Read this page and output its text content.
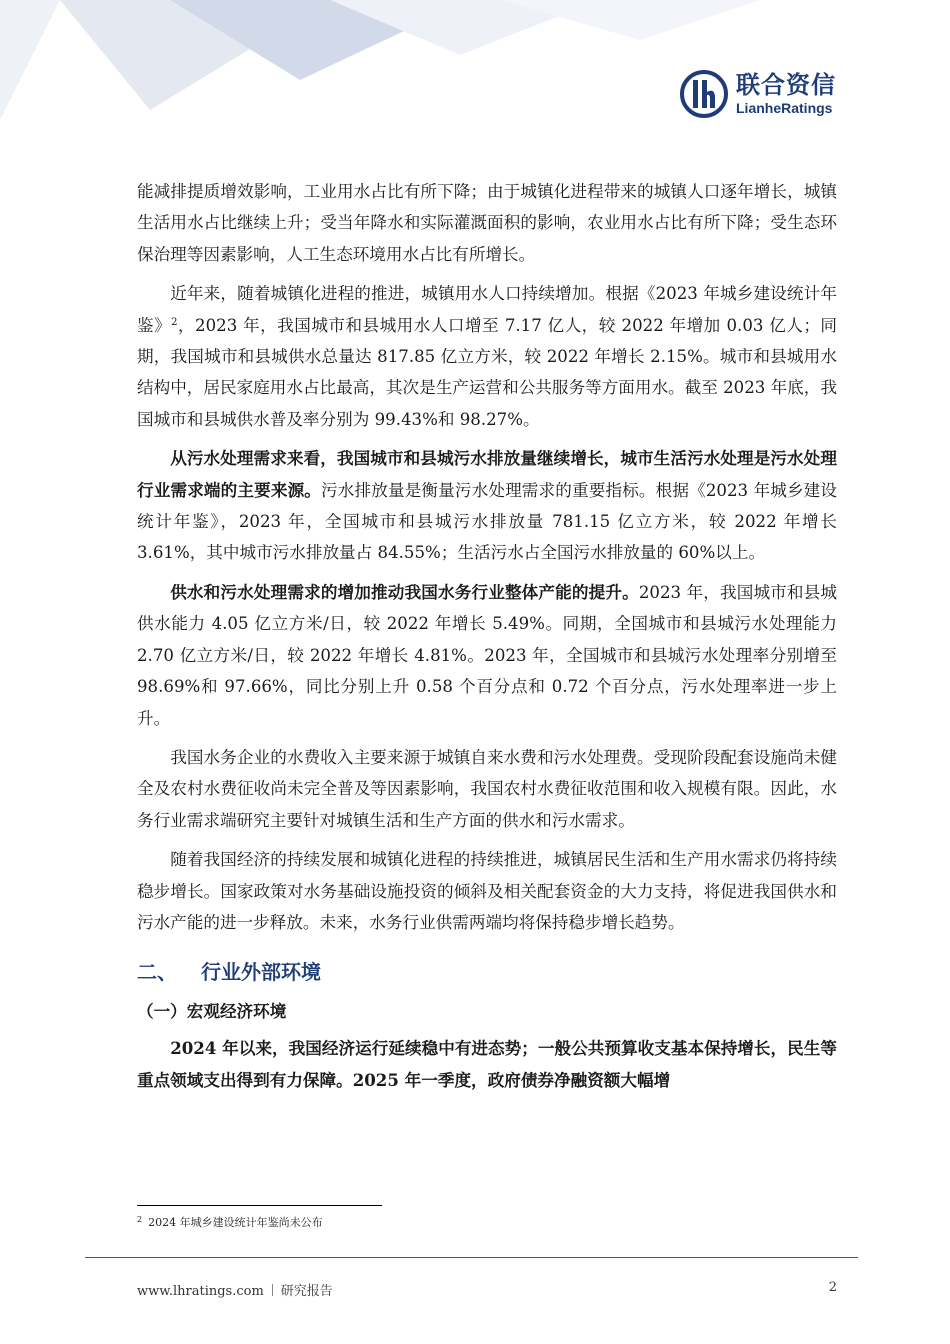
联合资信
LianheRatings

能减排提质增效影响，工业用水占比有所下降；由于城镇化进程带来的城镇人口逐年增长，城镇生活用水占比继续上升；受当年降水和实际灌溉面积的影响，农业用水占比有所下降；受生态环保治理等因素影响，人工生态环境用水占比有所增长。

近年来，随着城镇化进程的推进，城镇用水人口持续增加。根据《2023 年城乡建设统计年鉴》$^2$，2023 年，我国城市和县城用水人口增至 7.17 亿人，较 2022 年增加 0.03 亿人；同期，我国城市和县城供水总量达 817.85 亿立方米，较 2022 年增长 2.15%。城市和县城用水结构中，居民家庭用水占比最高，其次是生产运营和公共服务等方面用水。截至 2023 年底，我国城市和县城供水普及率分别为 99.43%和 98.27%。

从污水处理需求来看，我国城市和县城污水排放量继续增长，城市生活污水处理是污水处理行业需求端的主要来源。污水排放量是衡量污水处理需求的重要指标。根据《2023 年城乡建设统计年鉴》，2023 年，全国城市和县城污水排放量 781.15 亿立方米，较 2022 年增长 3.61%，其中城市污水排放量占 84.55%；生活污水占全国污水排放量的 60%以上。

供水和污水处理需求的增加推动我国水务行业整体产能的提升。2023 年，我国城市和县城供水能力 4.05 亿立方米/日，较 2022 年增长 5.49%。同期，全国城市和县城污水处理能力 2.70 亿立方米/日，较 2022 年增长 4.81%。2023 年，全国城市和县城污水处理率分别增至 98.69%和 97.66%，同比分别上升 0.58 个百分点和 0.72 个百分点，污水处理率进一步上升。

我国水务企业的水费收入主要来源于城镇自来水费和污水处理费。受现阶段配套设施尚未健全及农村水费征收尚未完全普及等因素影响，我国农村水费征收范围和收入规模有限。因此，水务行业需求端研究主要针对城镇生活和生产方面的供水和污水需求。

随着我国经济的持续发展和城镇化进程的持续推进，城镇居民生活和生产用水需求仍将持续稳步增长。国家政策对水务基础设施投资的倾斜及相关配套资金的大力支持，将促进我国供水和污水产能的进一步释放。未来，水务行业供需两端均将保持稳步增长趋势。

二、 行业外部环境
（一）宏观经济环境

2024 年以来，我国经济运行延续稳中有进态势；一般公共预算收支基本保持增长，民生等重点领域支出得到有力保障。2025 年一季度，政府债券净融资额大幅增

$^2$ 2024 年城乡建设统计年鉴尚未公布
www.lhratings.com 研究报告	2
